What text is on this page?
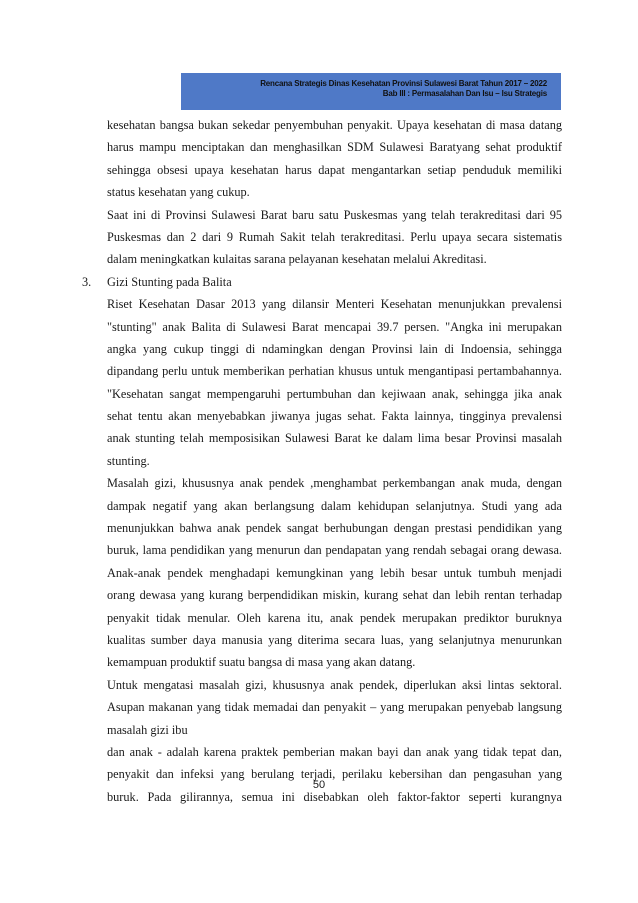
Rencana Strategis Dinas Kesehatan Provinsi Sulawesi Barat Tahun 2017 – 2022
Bab III : Permasalahan Dan Isu – Isu Strategis
kesehatan bangsa bukan sekedar penyembuhan penyakit. Upaya kesehatan di masa datang
harus mampu menciptakan dan menghasilkan SDM Sulawesi Baratyang sehat produktif
sehingga obsesi upaya kesehatan harus dapat mengantarkan setiap penduduk memiliki
status kesehatan yang cukup.
Saat ini di Provinsi Sulawesi Barat baru satu Puskesmas yang telah terakreditasi dari 95
Puskesmas dan 2 dari 9 Rumah Sakit telah terakreditasi. Perlu upaya secara sistematis
dalam meningkatkan kulaitas sarana pelayanan kesehatan melalui Akreditasi.
3. Gizi Stunting pada Balita
Riset Kesehatan Dasar 2013 yang dilansir Menteri Kesehatan menunjukkan prevalensi
"stunting" anak Balita di Sulawesi Barat mencapai 39.7 persen. "Angka ini merupakan
angka yang cukup tinggi di ndamingkan dengan Provinsi lain di Indoensia, sehingga
dipandang perlu untuk memberikan perhatian khusus untuk mengantipasi pertambahannya.
"Kesehatan sangat mempengaruhi pertumbuhan dan kejiwaan anak, sehingga jika anak
sehat tentu akan menyebabkan jiwanya jugas sehat. Fakta lainnya, tingginya prevalensi
anak stunting telah memposisikan Sulawesi Barat ke dalam lima besar Provinsi masalah
stunting.
Masalah gizi, khususnya anak pendek ,menghambat perkembangan anak muda, dengan
dampak negatif yang akan berlangsung dalam kehidupan selanjutnya. Studi yang ada
menunjukkan bahwa anak pendek sangat berhubungan dengan prestasi pendidikan yang
buruk, lama pendidikan yang menurun dan pendapatan yang rendah sebagai orang dewasa.
Anak-anak pendek menghadapi kemungkinan yang lebih besar untuk tumbuh menjadi
orang dewasa yang kurang berpendidikan miskin, kurang sehat dan lebih rentan terhadap
penyakit tidak menular. Oleh karena itu, anak pendek merupakan prediktor buruknya
kualitas sumber daya manusia yang diterima secara luas, yang selanjutnya menurunkan
kemampuan produktif suatu bangsa di masa yang akan datang.
Untuk mengatasi masalah gizi, khususnya anak pendek, diperlukan aksi lintas sektoral.
Asupan makanan yang tidak memadai dan penyakit – yang merupakan penyebab langsung
masalah gizi ibu
dan anak - adalah karena praktek pemberian makan bayi dan anak yang tidak tepat dan,
penyakit dan infeksi yang berulang terjadi, perilaku kebersihan dan pengasuhan yang
buruk. Pada gilirannya, semua ini disebabkan oleh faktor-faktor seperti kurangnya
50
